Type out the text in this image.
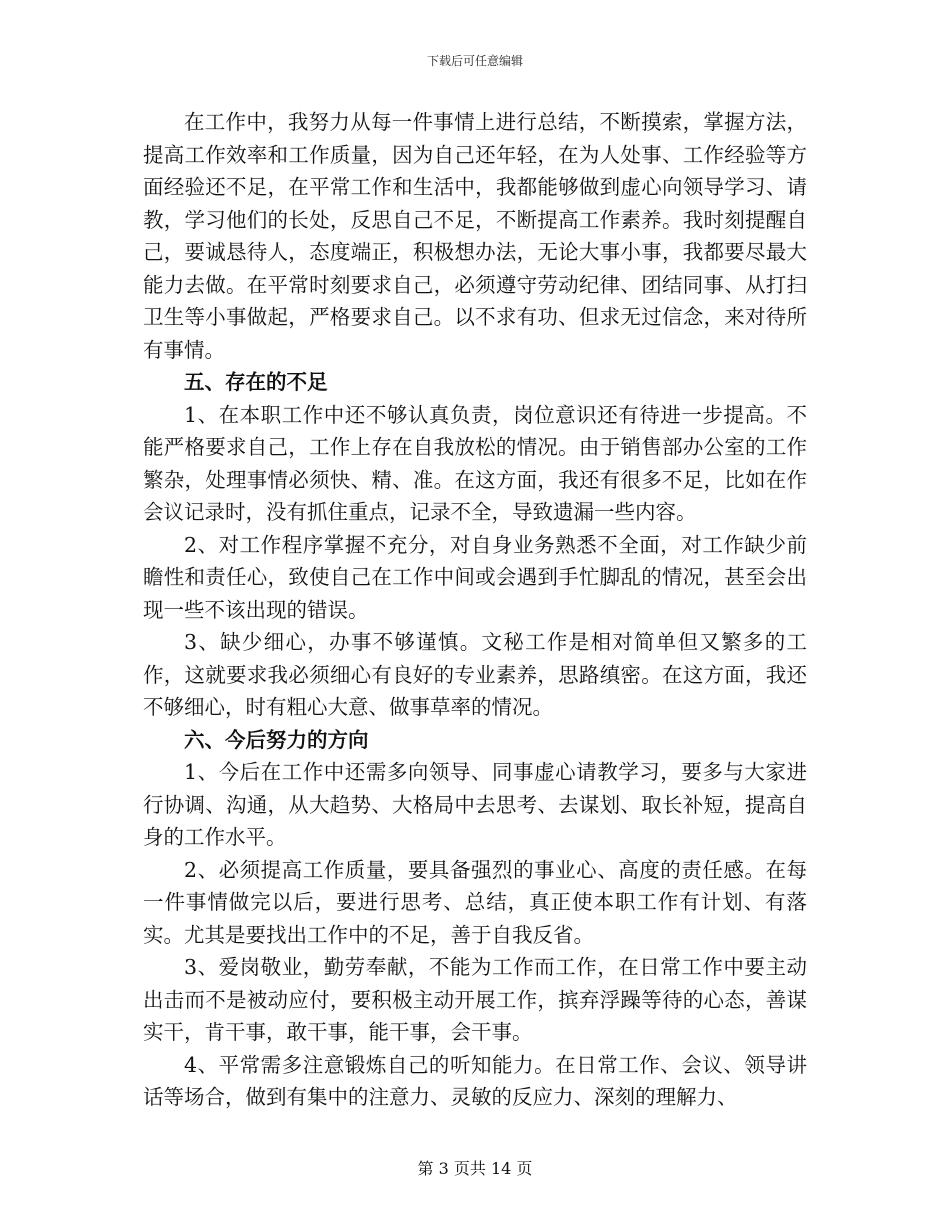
下载后可任意编辑

在工作中，我努力从每一件事情上进行总结，不断摸索，掌握方法，提高工作效率和工作质量，因为自己还年轻，在为人处事、工作经验等方面经验还不足，在平常工作和生活中，我都能够做到虚心向领导学习、请教，学习他们的长处，反思自己不足，不断提高工作素养。我时刻提醒自己，要诚恳待人，态度端正，积极想办法，无论大事小事，我都要尽最大能力去做。在平常时刻要求自己，必须遵守劳动纪律、团结同事、从打扫卫生等小事做起，严格要求自己。以不求有功、但求无过信念，来对待所有事情。

五、存在的不足

1、在本职工作中还不够认真负责，岗位意识还有待进一步提高。不能严格要求自己，工作上存在自我放松的情况。由于销售部办公室的工作繁杂，处理事情必须快、精、准。在这方面，我还有很多不足，比如在作会议记录时，没有抓住重点，记录不全，导致遗漏一些内容。

2、对工作程序掌握不充分，对自身业务熟悉不全面，对工作缺少前瞻性和责任心，致使自己在工作中间或会遇到手忙脚乱的情况，甚至会出现一些不该出现的错误。

3、缺少细心，办事不够谨慎。文秘工作是相对简单但又繁多的工作，这就要求我必须细心有良好的专业素养，思路缜密。在这方面，我还不够细心，时有粗心大意、做事草率的情况。

六、今后努力的方向

1、今后在工作中还需多向领导、同事虚心请教学习，要多与大家进行协调、沟通，从大趋势、大格局中去思考、去谋划、取长补短，提高自身的工作水平。

2、必须提高工作质量，要具备强烈的事业心、高度的责任感。在每一件事情做完以后，要进行思考、总结，真正使本职工作有计划、有落实。尤其是要找出工作中的不足，善于自我反省。

3、爱岗敬业，勤劳奉献，不能为工作而工作，在日常工作中要主动出击而不是被动应付，要积极主动开展工作，摈弃浮躁等待的心态，善谋实干，肯干事，敢干事，能干事，会干事。

4、平常需多注意锻炼自己的听知能力。在日常工作、会议、领导讲话等场合，做到有集中的注意力、灵敏的反应力、深刻的理解力、

第 3 页共 14 页
